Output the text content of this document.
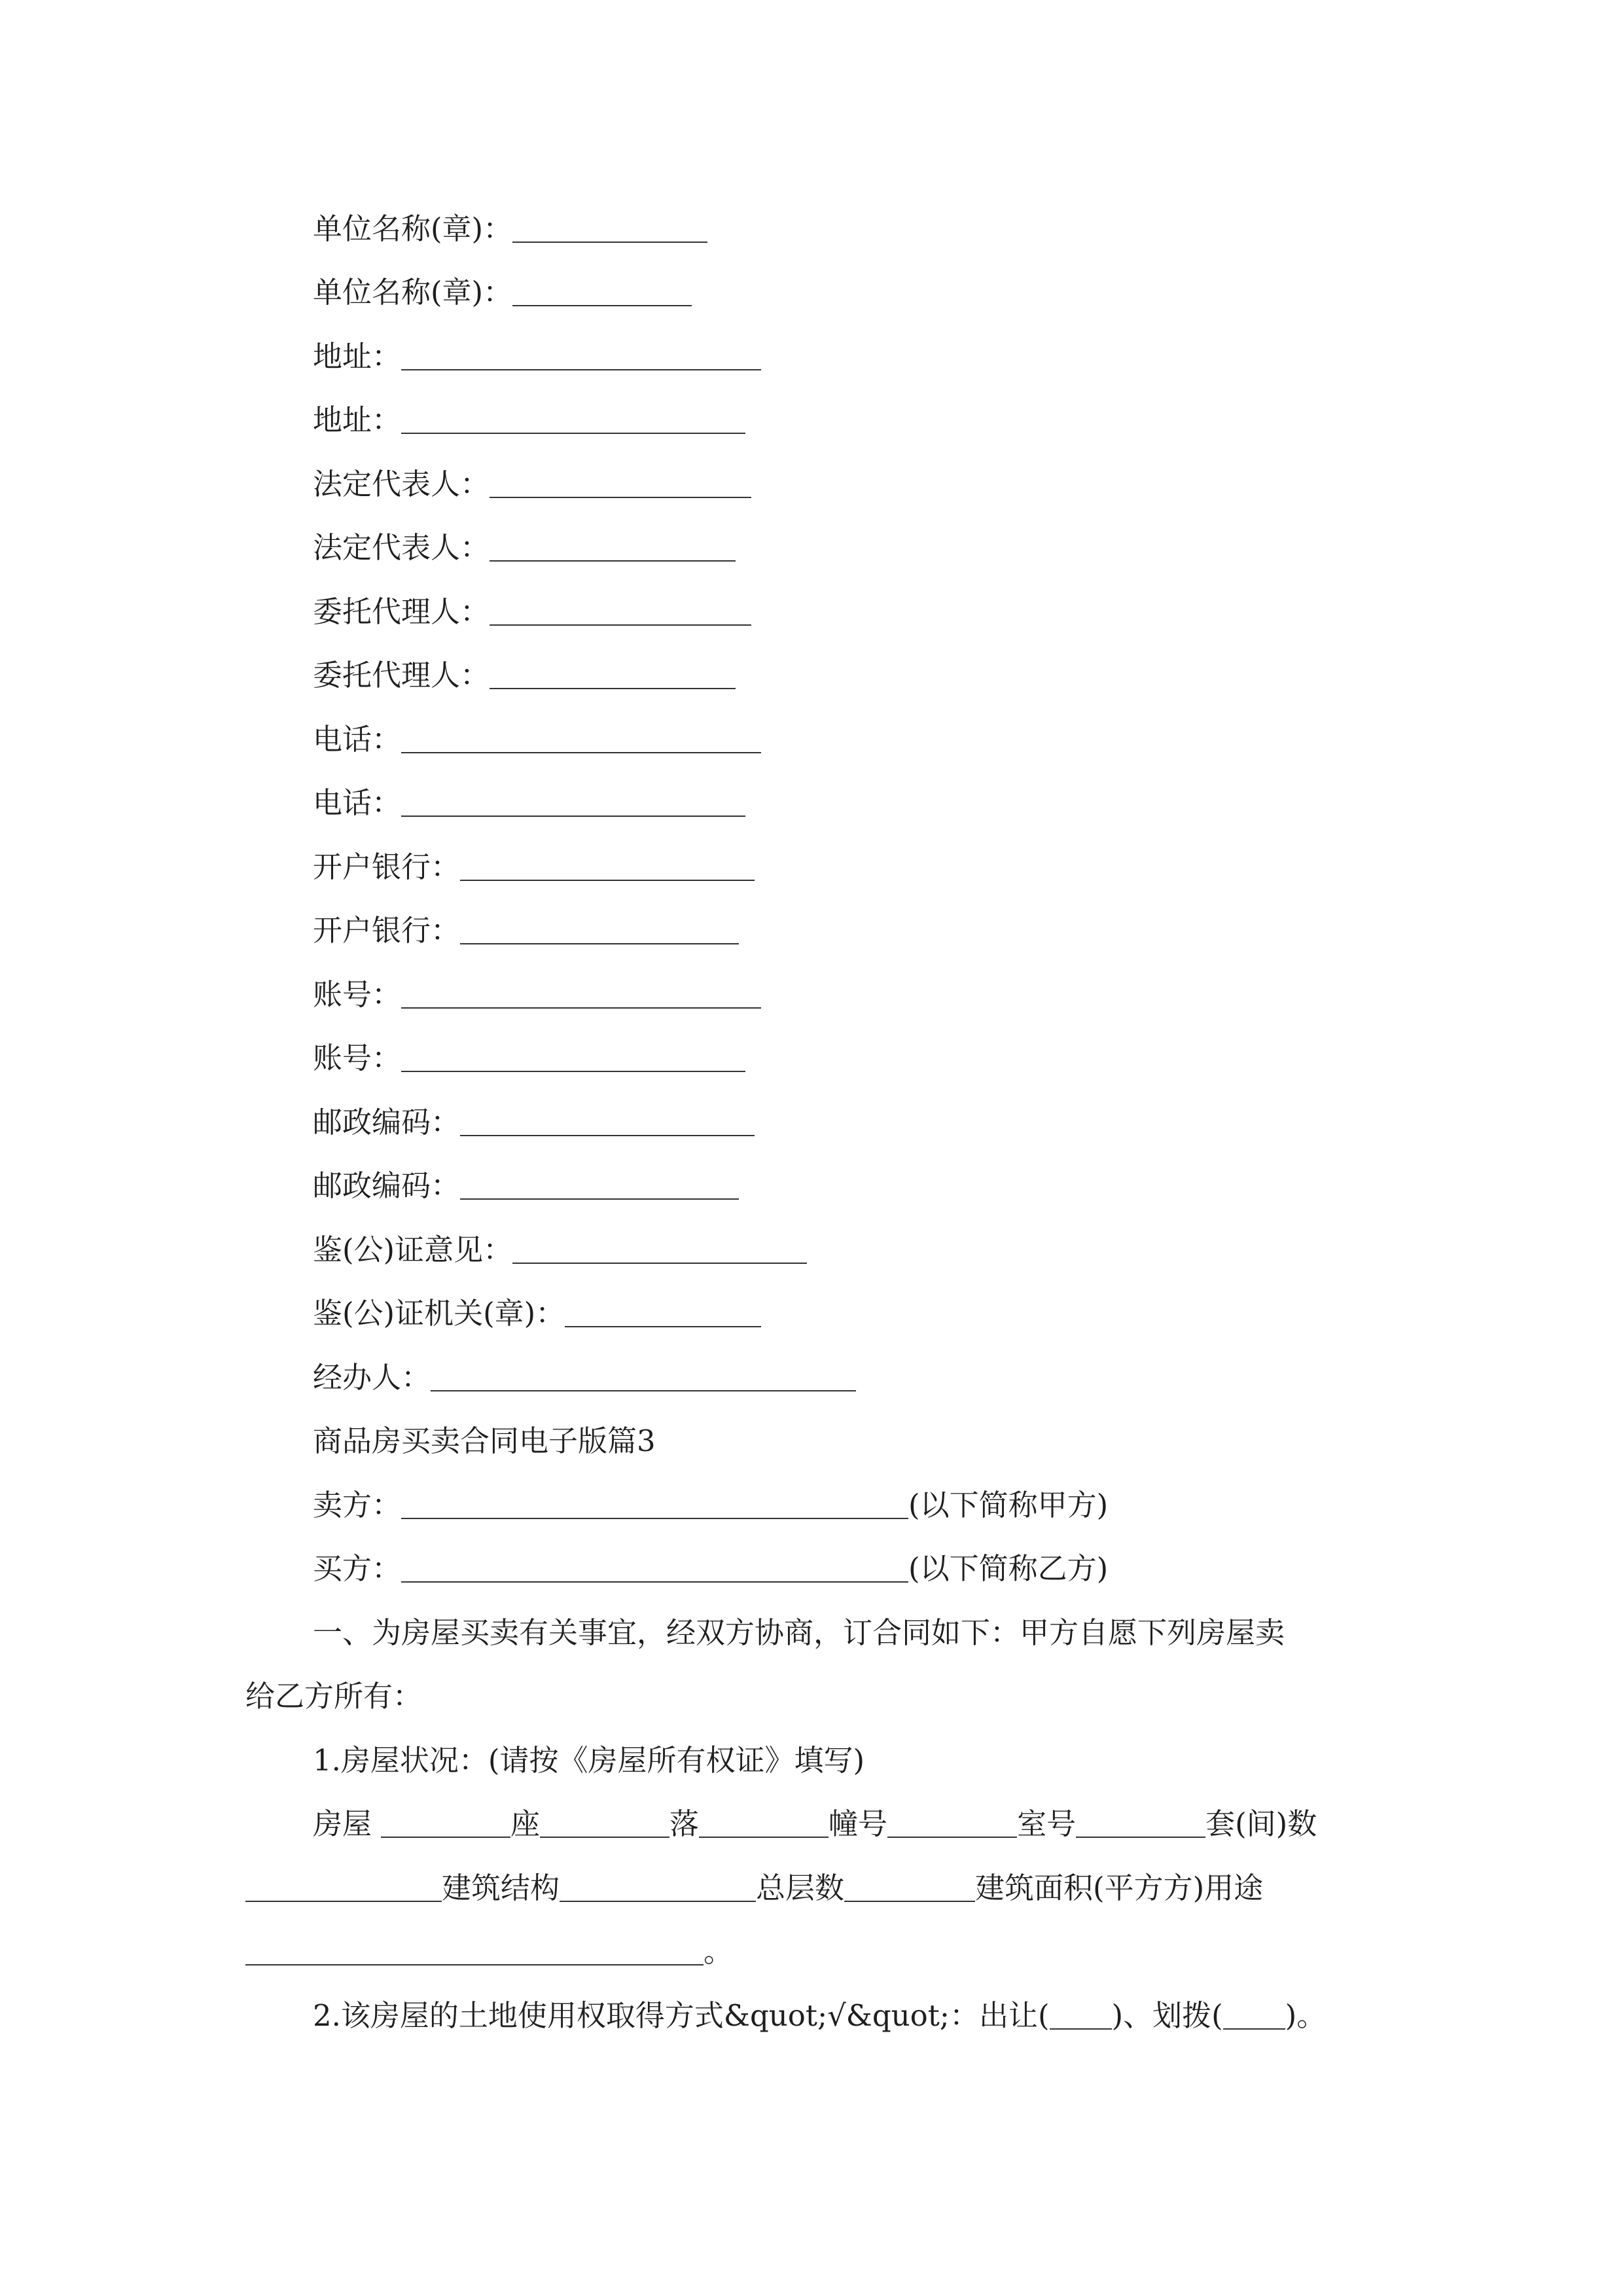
单位名称(章)：
单位名称(章)：
地址：
地址：
法定代表人：
法定代表人：
委托代理人：
委托代理人：
电话：
电话：
开户银行：
开户银行：
账号：
账号：
邮政编码：
邮政编码：
鉴(公)证意见：
鉴(公)证机关(章)：
经办人：
商品房买卖合同电子版篇3
卖方：	(以下简称甲方)
买方：	(以下简称乙方)
一、为房屋买卖有关事宜，经双方协商，订合同如下：甲方自愿下列房屋卖
给乙方所有：
1.房屋状况：(请按《房屋所有权证》填写)
房屋	座	落	幢号	室号	套(间)数
建筑结构	总层数	建筑面积(平方方)用途
。
2.该房屋的土地使用权取得方式&quot;√&quot;：出让( )、划拨( )。
